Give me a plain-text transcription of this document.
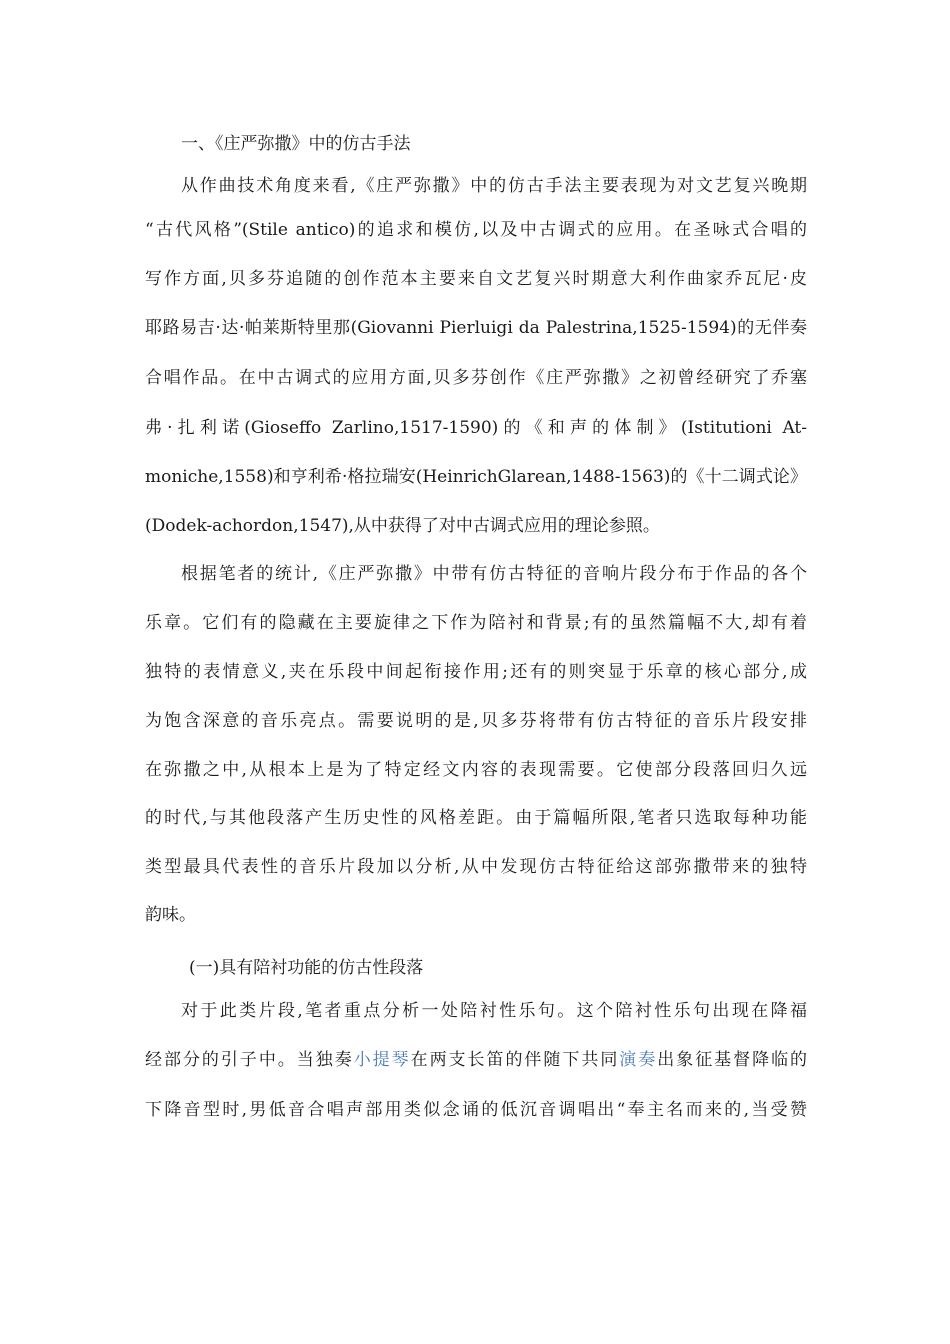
一、《庄严弥撒》中的仿古手法
从作曲技术角度来看,《庄严弥撒》中的仿古手法主要表现为对文艺复兴晚期
“古代风格”(Stile antico)的追求和模仿,以及中古调式的应用。在圣咏式合唱的
写作方面,贝多芬追随的创作范本主要来自文艺复兴时期意大利作曲家乔瓦尼·皮
耶路易吉·达·帕莱斯特里那(Giovanni Pierluigi da Palestrina,1525-1594)的无伴奏
合唱作品。在中古调式的应用方面,贝多芬创作《庄严弥撒》之初曾经研究了乔塞
弗·扎利诺(Gioseffo Zarlino,1517-1590)的《和声的体制》(Istitutioni At-
moniche,1558)和亨利希·格拉瑞安(HeinrichGlarean,1488-1563)的《十二调式论》
(Dodek-achordon,1547),从中获得了对中古调式应用的理论参照。
根据笔者的统计,《庄严弥撒》中带有仿古特征的音响片段分布于作品的各个
乐章。它们有的隐藏在主要旋律之下作为陪衬和背景;有的虽然篇幅不大,却有着
独特的表情意义,夹在乐段中间起衔接作用;还有的则突显于乐章的核心部分,成
为饱含深意的音乐亮点。需要说明的是,贝多芬将带有仿古特征的音乐片段安排
在弥撒之中,从根本上是为了特定经文内容的表现需要。它使部分段落回归久远
的时代,与其他段落产生历史性的风格差距。由于篇幅所限,笔者只选取每种功能
类型最具代表性的音乐片段加以分析,从中发现仿古特征给这部弥撒带来的独特
韵味。
(一)具有陪衬功能的仿古性段落
对于此类片段,笔者重点分析一处陪衬性乐句。这个陪衬性乐句出现在降福
经部分的引子中。当独奏小提琴在两支长笛的伴随下共同演奏出象征基督降临的
下降音型时,男低音合唱声部用类似念诵的低沉音调唱出“奉主名而来的,当受赞
